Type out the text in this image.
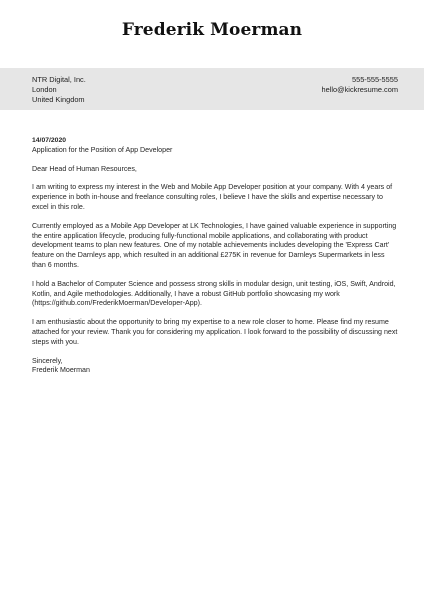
Frederik Moerman
NTR Digital, Inc.
London
United Kingdom
555-555-5555
hello@kickresume.com
14/07/2020
Application for the Position of App Developer
Dear Head of Human Resources,
I am writing to express my interest in the Web and Mobile App Developer position at your company. With 4 years of experience in both in-house and freelance consulting roles, I believe I have the skills and expertise necessary to excel in this role.
Currently employed as a Mobile App Developer at LK Technologies, I have gained valuable experience in supporting the entire application lifecycle, producing fully-functional mobile applications, and collaborating with product development teams to plan new features. One of my notable achievements includes developing the 'Express Cart' feature on the Darnleys app, which resulted in an additional £275K in revenue for Darnleys Supermarkets in less than 6 months.
I hold a Bachelor of Computer Science and possess strong skills in modular design, unit testing, iOS, Swift, Android, Kotlin, and Agile methodologies. Additionally, I have a robust GitHub portfolio showcasing my work (https://github.com/FrederikMoerman/Developer-App).
I am enthusiastic about the opportunity to bring my expertise to a new role closer to home. Please find my resume attached for your review. Thank you for considering my application. I look forward to the possibility of discussing next steps with you.
Sincerely,
Frederik Moerman
